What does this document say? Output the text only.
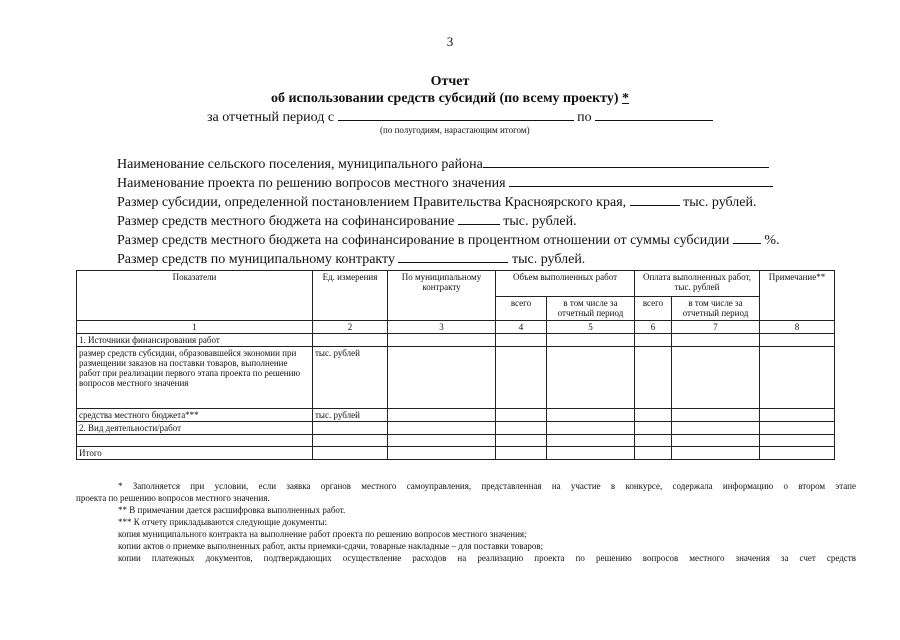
3
Отчет
об использовании средств субсидий (по всему проекту) *
за отчетный период с	по
(по полугодиям, нарастающим итогом)
Наименование сельского поселения, муниципального района
Наименование проекта по решению вопросов местного значения
Размер субсидии, определенной постановлением Правительства Красноярского края,	тыс. рублей.
Размер средств местного бюджета на софинансирование	тыс. рублей.
Размер средств местного бюджета на софинансирование в процентном отношении от суммы субсидии	%.
Размер средств по муниципальному контракту	тыс. рублей.
Показатели	Ед. измерения	По муниципальному контракту	Объем выполненных работ		Оплата выполненных работ, тыс. рублей		Примечание**
			всего	в том числе за отчетный период	всего	в том числе за отчетный период	
1	2	3	4	5	6	7	8
1. Источники финансирования работ							
размер средств субсидии, образовавшейся экономии при размещении заказов на поставки товаров, выполнение работ при реализации первого этапа проекта по решению вопросов местного значения	тыс. рублей						
средства местного бюджета***	тыс. рублей						
2. Вид деятельности/работ							

Итого							

* Заполняется при условии, если заявка органов местного самоуправления, представленная на участие в конкурсе, содержала информацию о втором этапе

проекта по решению вопросов местного значения.

** В примечании дается расшифровка выполненных работ.

*** К отчету прикладываются следующие документы:

копия муниципального контракта на выполнение работ проекта по решению вопросов местного значения;

копии актов о приемке выполненных работ, акты приемки-сдачи, товарные накладные – для поставки товаров;

копии платежных документов, подтверждающих осуществление расходов на реализацию проекта по решению вопросов местного значения за счет средств
